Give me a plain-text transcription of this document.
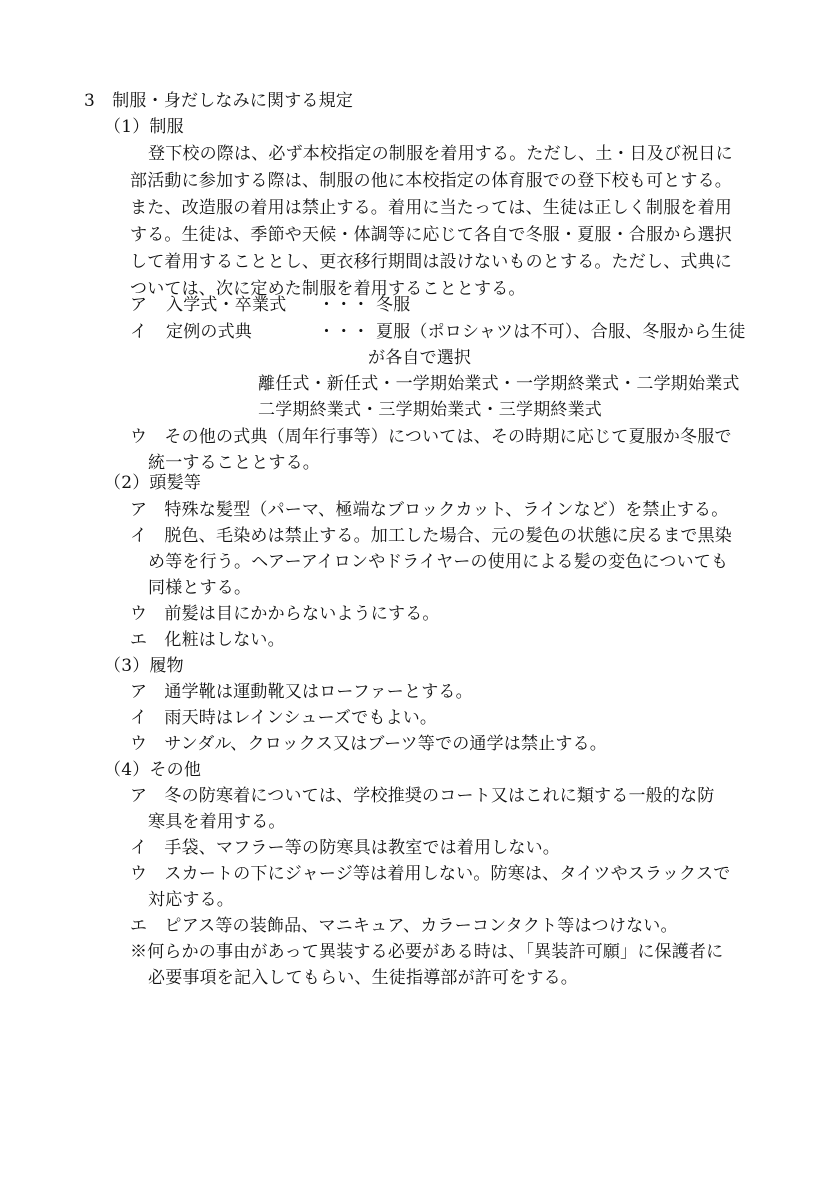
3　制服・身だしなみに関する規定
（1）制服
登下校の際は、必ず本校指定の制服を着用する。ただし、土・日及び祝日に
部活動に参加する際は、制服の他に本校指定の体育服での登下校も可とする。
また、改造服の着用は禁止する。着用に当たっては、生徒は正しく制服を着用
する。生徒は、季節や天候・体調等に応じて各自で冬服・夏服・合服から選択
して着用することとし、更衣移行期間は設けないものとする。ただし、式典に
ついては、次に定めた制服を着用することとする。
ア 入学式・卒業式 ・・・ 冬服
イ 定例の式典	・・・ 夏服（ポロシャツは不可）、合服、冬服から生徒
が各自で選択
離任式・新任式・一学期始業式・一学期終業式・二学期始業式
二学期終業式・三学期始業式・三学期終業式
ウ　その他の式典（周年行事等）については、その時期に応じて夏服か冬服で
統一することとする。
（2）頭髪等
ア　特殊な髪型（パーマ、極端なブロックカット、ラインなど）を禁止する。
イ　脱色、毛染めは禁止する。加工した場合、元の髪色の状態に戻るまで黒染
め等を行う。ヘアーアイロンやドライヤーの使用による髪の変色についても
同様とする。
ウ　前髪は目にかからないようにする。
エ　化粧はしない。
（3）履物
ア　通学靴は運動靴又はローファーとする。
イ　雨天時はレインシューズでもよい。
ウ　サンダル、クロックス又はブーツ等での通学は禁止する。
（4）その他
ア　冬の防寒着については、学校推奨のコート又はこれに類する一般的な防
寒具を着用する。
イ　手袋、マフラー等の防寒具は教室では着用しない。
ウ　スカートの下にジャージ等は着用しない。防寒は、タイツやスラックスで
対応する。
エ　ピアス等の装飾品、マニキュア、カラーコンタクト等はつけない。
※何らかの事由があって異装する必要がある時は、「異装許可願」に保護者に
必要事項を記入してもらい、生徒指導部が許可をする。
